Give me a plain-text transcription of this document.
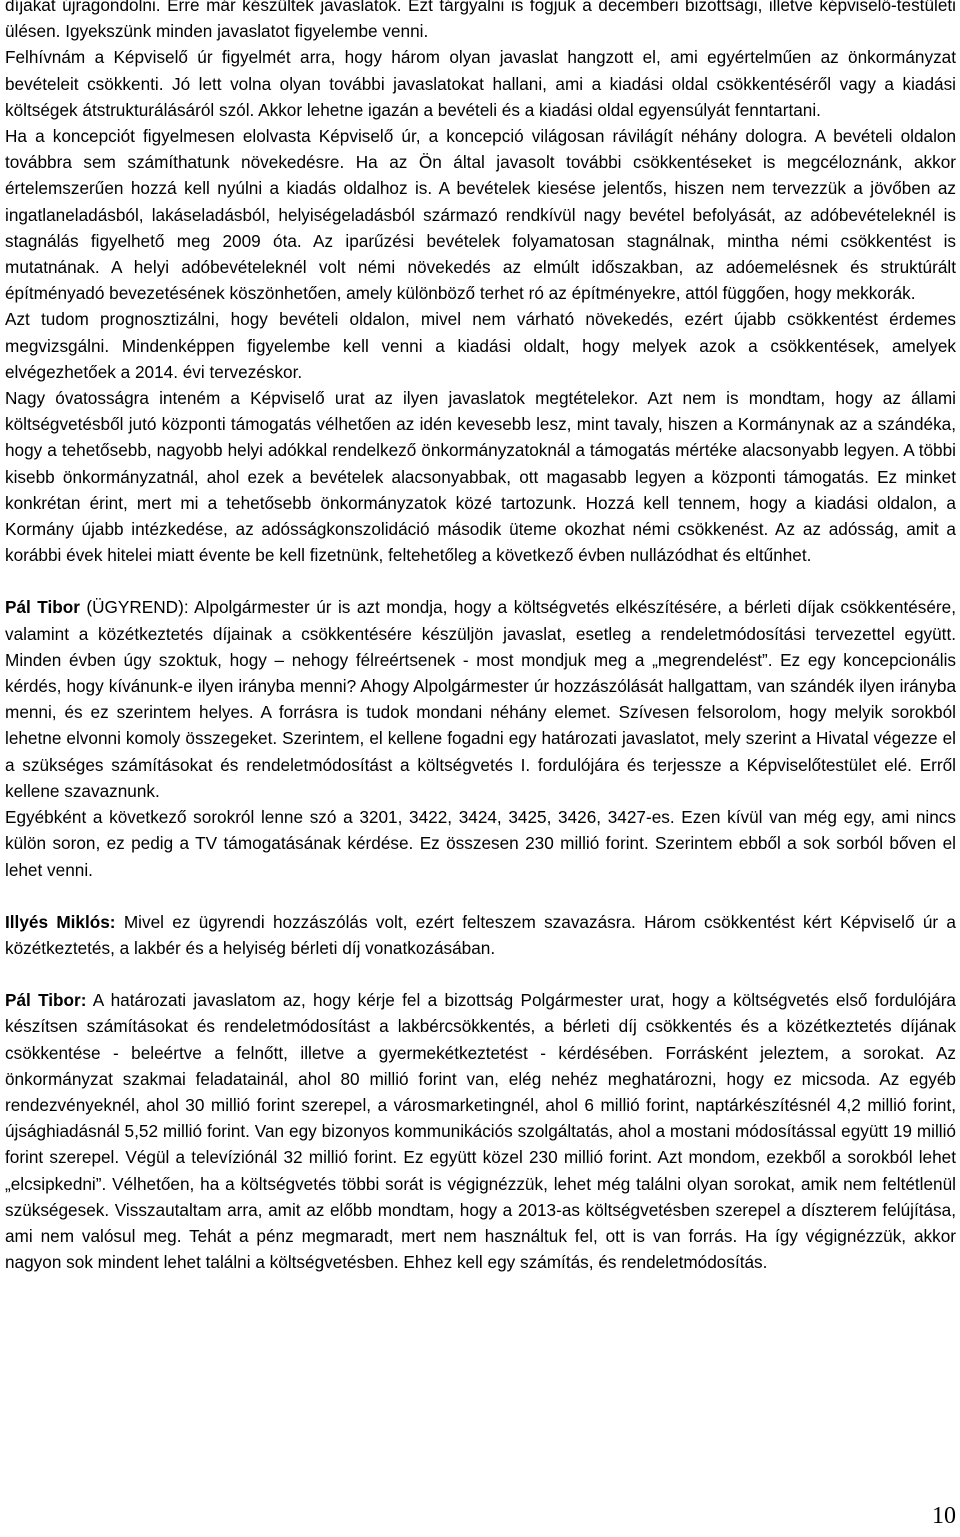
díjakat újragondolni. Erre már készültek javaslatok. Ezt tárgyalni is fogjuk a decemberi bizottsági, illetve képviselő-testületi ülésen. Igyekszünk minden javaslatot figyelembe venni.

Felhívnám a Képviselő úr figyelmét arra, hogy három olyan javaslat hangzott el, ami egyértelműen az önkormányzat bevételeit csökkenti. Jó lett volna olyan további javaslatokat hallani, ami a kiadási oldal csökkentéséről vagy a kiadási költségek átstrukturálásáról szól. Akkor lehetne igazán a bevételi és a kiadási oldal egyensúlyát fenntartani.

Ha a koncepciót figyelmesen elolvasta Képviselő úr, a koncepció világosan rávilágít néhány dologra. A bevételi oldalon továbbra sem számíthatunk növekedésre. Ha az Ön által javasolt további csökkentéseket is megcéloznánk, akkor értelemszerűen hozzá kell nyúlni a kiadás oldalhoz is. A bevételek kiesése jelentős, hiszen nem tervezzük a jövőben az ingatlaneladásból, lakáseladásból, helyiségeladásból származó rendkívül nagy bevétel befolyását, az adóbevételeknél is stagnálás figyelhető meg 2009 óta. Az iparűzési bevételek folyamatosan stagnálnak, mintha némi csökkentést is mutatnának. A helyi adóbevételeknél volt némi növekedés az elmúlt időszakban, az adóemelésnek és struktúrált építményadó bevezetésének köszönhetően, amely különböző terhet ró az építményekre, attól függően, hogy mekkorák.

Azt tudom prognosztizálni, hogy bevételi oldalon, mivel nem várható növekedés, ezért újabb csökkentést érdemes megvizsgálni. Mindenképpen figyelembe kell venni a kiadási oldalt, hogy melyek azok a csökkentések, amelyek elvégezhetőek a 2014. évi tervezéskor.

Nagy óvatosságra inteném a Képviselő urat az ilyen javaslatok megtételekor. Azt nem is mondtam, hogy az állami költségvetésből jutó központi támogatás vélhetően az idén kevesebb lesz, mint tavaly, hiszen a Kormánynak az a szándéka, hogy a tehetősebb, nagyobb helyi adókkal rendelkező önkormányzatoknál a támogatás mértéke alacsonyabb legyen. A többi kisebb önkormányzatnál, ahol ezek a bevételek alacsonyabbak, ott magasabb legyen a központi támogatás. Ez minket konkrétan érint, mert mi a tehetősebb önkormányzatok közé tartozunk. Hozzá kell tennem, hogy a kiadási oldalon, a Kormány újabb intézkedése, az adósságkonszolidáció második üteme okozhat némi csökkenést. Az az adósság, amit a korábbi évek hitelei miatt évente be kell fizetnünk, feltehetőleg a következő évben nullázódhat és eltűnhet.

Pál Tibor (ÜGYREND): Alpolgármester úr is azt mondja, hogy a költségvetés elkészítésére, a bérleti díjak csökkentésére, valamint a közétkeztetés díjainak a csökkentésére készüljön javaslat, esetleg a rendeletmódosítási tervezettel együtt. Minden évben úgy szoktuk, hogy – nehogy félreértsenek - most mondjuk meg a „megrendelést”. Ez egy koncepcionális kérdés, hogy kívánunk-e ilyen irányba menni? Ahogy Alpolgármester úr hozzászólását hallgattam, van szándék ilyen irányba menni, és ez szerintem helyes. A forrásra is tudok mondani néhány elemet. Szívesen felsorolom, hogy melyik sorokból lehetne elvonni komoly összegeket. Szerintem, el kellene fogadni egy határozati javaslatot, mely szerint a Hivatal végezze el a szükséges számításokat és rendeletmódosítást a költségvetés I. fordulójára és terjessze a Képviselőtestület elé. Erről kellene szavaznunk.

Egyébként a következő sorokról lenne szó a 3201, 3422, 3424, 3425, 3426, 3427-es. Ezen kívül van még egy, ami nincs külön soron, ez pedig a TV támogatásának kérdése. Ez összesen 230 millió forint. Szerintem ebből a sok sorból bőven el lehet venni.

Illyés Miklós: Mivel ez ügyrendi hozzászólás volt, ezért felteszem szavazásra. Három csökkentést kért Képviselő úr a közétkeztetés, a lakbér és a helyiség bérleti díj vonatkozásában.

Pál Tibor: A határozati javaslatom az, hogy kérje fel a bizottság Polgármester urat, hogy a költségvetés első fordulójára készítsen számításokat és rendeletmódosítást a lakbércsökkentés, a bérleti díj csökkentés és a közétkeztetés díjának csökkentése - beleértve a felnőtt, illetve a gyermekétkeztetést - kérdésében. Forrásként jeleztem, a sorokat. Az önkormányzat szakmai feladatainál, ahol 80 millió forint van, elég nehéz meghatározni, hogy ez micsoda. Az egyéb rendezvényeknél, ahol 30 millió forint szerepel, a városmarketingnél, ahol 6 millió forint, naptárkészítésnél 4,2 millió forint, újsághiadásnál 5,52 millió forint. Van egy bizonyos kommunikációs szolgáltatás, ahol a mostani módosítással együtt 19 millió forint szerepel. Végül a televíziónál 32 millió forint. Ez együtt közel 230 millió forint. Azt mondom, ezekből a sorokból lehet „elcsipkedni”. Vélhetően, ha a költségvetés többi sorát is végignézzük, lehet még találni olyan sorokat, amik nem feltétlenül szükségesek. Visszautaltam arra, amit az előbb mondtam, hogy a 2013-as költségvetésben szerepel a díszterem felújítása, ami nem valósul meg. Tehát a pénz megmaradt, mert nem használtuk fel, ott is van forrás. Ha így végignézzük, akkor nagyon sok mindent lehet találni a költségvetésben. Ehhez kell egy számítás, és rendeletmódosítás.

10
